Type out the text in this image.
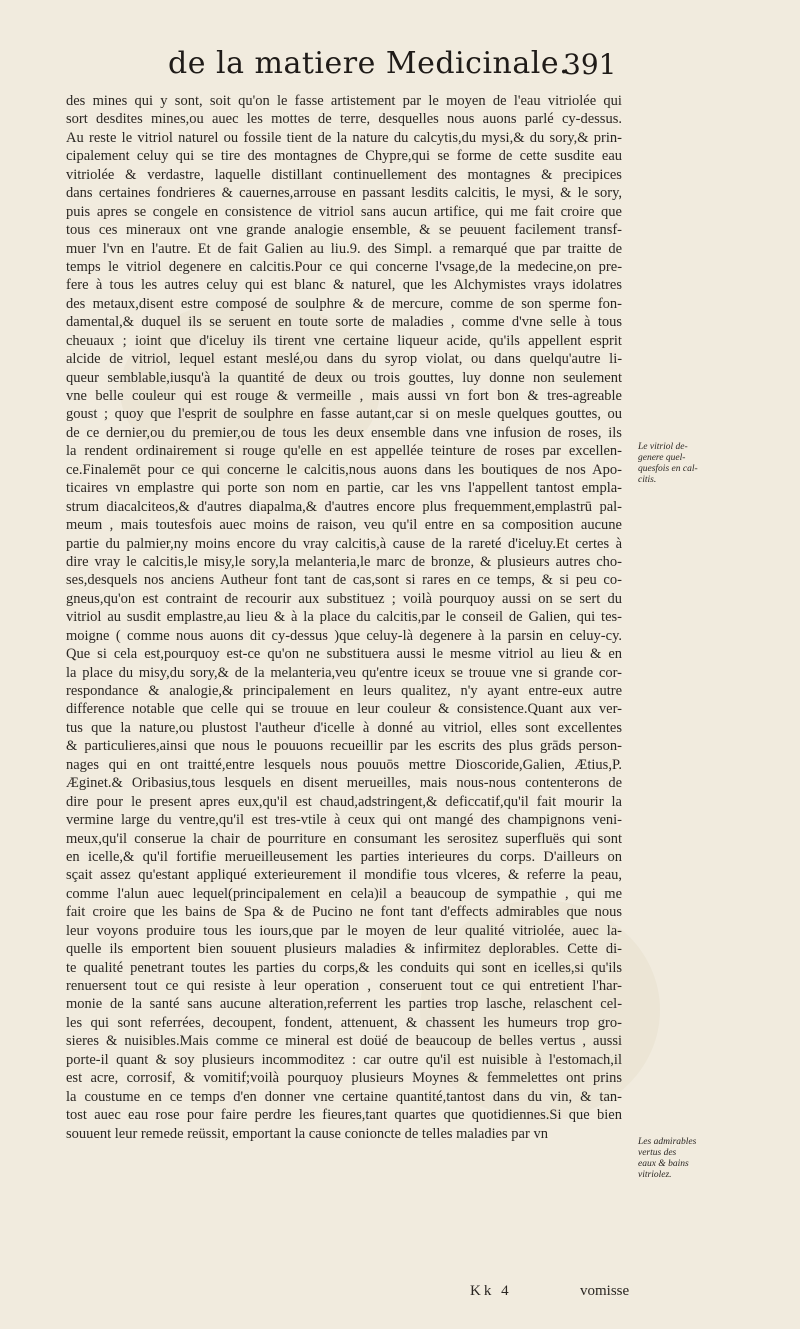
de la matiere Medicinale.
391
des mines qui y sont, soit qu'on le fasse artistement par le moyen de l'eau vitriolée qui
sort desdites mines,ou auec les mottes de terre, desquelles nous auons parlé cy-dessus.
Au reste le vitriol naturel ou fossile tient de la nature du calcytis,du mysi,& du sory,& prin-
cipalement celuy qui se tire des montagnes de Chypre,qui se forme de cette susdite eau
vitriolée & verdastre, laquelle distillant continuellement des montagnes & precipices
dans certaines fondrieres & cauernes,arrouse en passant lesdits calcitis, le mysi, & le sory,
puis apres se congele en consistence de vitriol sans aucun artifice, qui me fait croire que
tous ces mineraux ont vne grande analogie ensemble, & se peuuent facilement transf-
muer l'vn en l'autre. Et de fait Galien au liu.9. des Simpl. a remarqué que par traitte de
temps le vitriol degenere en calcitis.Pour ce qui concerne l'vsage,de la medecine,on pre-
fere à tous les autres celuy qui est blanc & naturel, que les Alchymistes vrays idolatres
des metaux,disent estre composé de soulphre & de mercure, comme de son sperme fon-
damental,& duquel ils se seruent en toute sorte de maladies , comme d'vne selle à tous
cheuaux ; ioint que d'iceluy ils tirent vne certaine liqueur acide, qu'ils appellent esprit
alcide de vitriol, lequel estant meslé,ou dans du syrop violat, ou dans quelqu'autre li-
queur semblable,iusqu'à la quantité de deux ou trois gouttes, luy donne non seulement
vne belle couleur qui est rouge & vermeille , mais aussi vn fort bon & tres-agreable
goust ; quoy que l'esprit de soulphre en fasse autant,car si on mesle quelques gouttes, ou
de ce dernier,ou du premier,ou de tous les deux ensemble dans vne infusion de roses, ils
la rendent ordinairement si rouge qu'elle en est appellée teinture de roses par excellen-
ce.Finalemēt pour ce qui concerne le calcitis,nous auons dans les boutiques de nos Apo-
ticaires vn emplastre qui porte son nom en partie, car les vns l'appellent tantost empla-
strum diacalciteos,& d'autres diapalma,& d'autres encore plus frequemment,emplastrū pal-
meum , mais toutesfois auec moins de raison, veu qu'il entre en sa composition aucune
partie du palmier,ny moins encore du vray calcitis,à cause de la rareté d'iceluy.Et certes à
dire vray le calcitis,le misy,le sory,la melanteria,le marc de bronze, & plusieurs autres cho-
ses,desquels nos anciens Autheur font tant de cas,sont si rares en ce temps, & si peu co-
gneus,qu'on est contraint de recourir aux substituez ; voilà pourquoy aussi on se sert du
vitriol au susdit emplastre,au lieu & à la place du calcitis,par le conseil de Galien, qui tes-
moigne ( comme nous auons dit cy-dessus )que celuy-là degenere à la parsin en celuy-cy.
Que si cela est,pourquoy est-ce qu'on ne substituera aussi le mesme vitriol au lieu & en
la place du misy,du sory,& de la melanteria,veu qu'entre iceux se trouue vne si grande cor-
respondance & analogie,& principalement en leurs qualitez, n'y ayant entre-eux autre
difference notable que celle qui se trouue en leur couleur & consistence.Quant aux ver-
tus que la nature,ou plustost l'autheur d'icelle à donné au vitriol, elles sont excellentes
& particulieres,ainsi que nous le pouuons recueillir par les escrits des plus grāds person-
nages qui en ont traitté,entre lesquels nous pouuōs mettre Dioscoride,Galien, Ætius,P.
Æginet.& Oribasius,tous lesquels en disent merueilles, mais nous-nous contenterons de
dire pour le present apres eux,qu'il est chaud,adstringent,& deficcatif,qu'il fait mourir la
vermine large du ventre,qu'il est tres-vtile à ceux qui ont mangé des champignons veni-
meux,qu'il conserue la chair de pourriture en consumant les serositez superfluës qui sont
en icelle,& qu'il fortifie merueilleusement les parties interieures du corps. D'ailleurs on
sçait assez qu'estant appliqué exterieurement il mondifie tous vlceres, & referre la peau,
comme l'alun auec lequel(principalement en cela)il a beaucoup de sympathie , qui me
fait croire que les bains de Spa & de Pucino ne font tant d'effects admirables que nous
leur voyons produire tous les iours,que par le moyen de leur qualité vitriolée, auec la-
quelle ils emportent bien souuent plusieurs maladies & infirmitez deplorables. Cette di-
te qualité penetrant toutes les parties du corps,& les conduits qui sont en icelles,si qu'ils
renuersent tout ce qui resiste à leur operation , conseruent tout ce qui entretient l'har-
monie de la santé sans aucune alteration,referrent les parties trop lasche, relaschent cel-
les qui sont referrées, decoupent, fondent, attenuent, & chassent les humeurs trop gro-
sieres & nuisibles.Mais comme ce mineral est doüé de beaucoup de belles vertus , aussi
porte-il quant & soy plusieurs incommoditez : car outre qu'il est nuisible à l'estomach,il
est acre, corrosif, & vomitif;voilà pourquoy plusieurs Moynes & femmelettes ont prins
la coustume en ce temps d'en donner vne certaine quantité,tantost dans du vin, & tan-
tost auec eau rose pour faire perdre les fieures,tant quartes que quotidiennes.Si que bien
souuent leur remede reüssit, emportant la cause conioncte de telles maladies par vn
Le vitriol de-
genere quel-
quesfois en cal-
citis.
Les admirables
vertus des
eaux & bains
vitriolez.
Kk 4	vomisse
